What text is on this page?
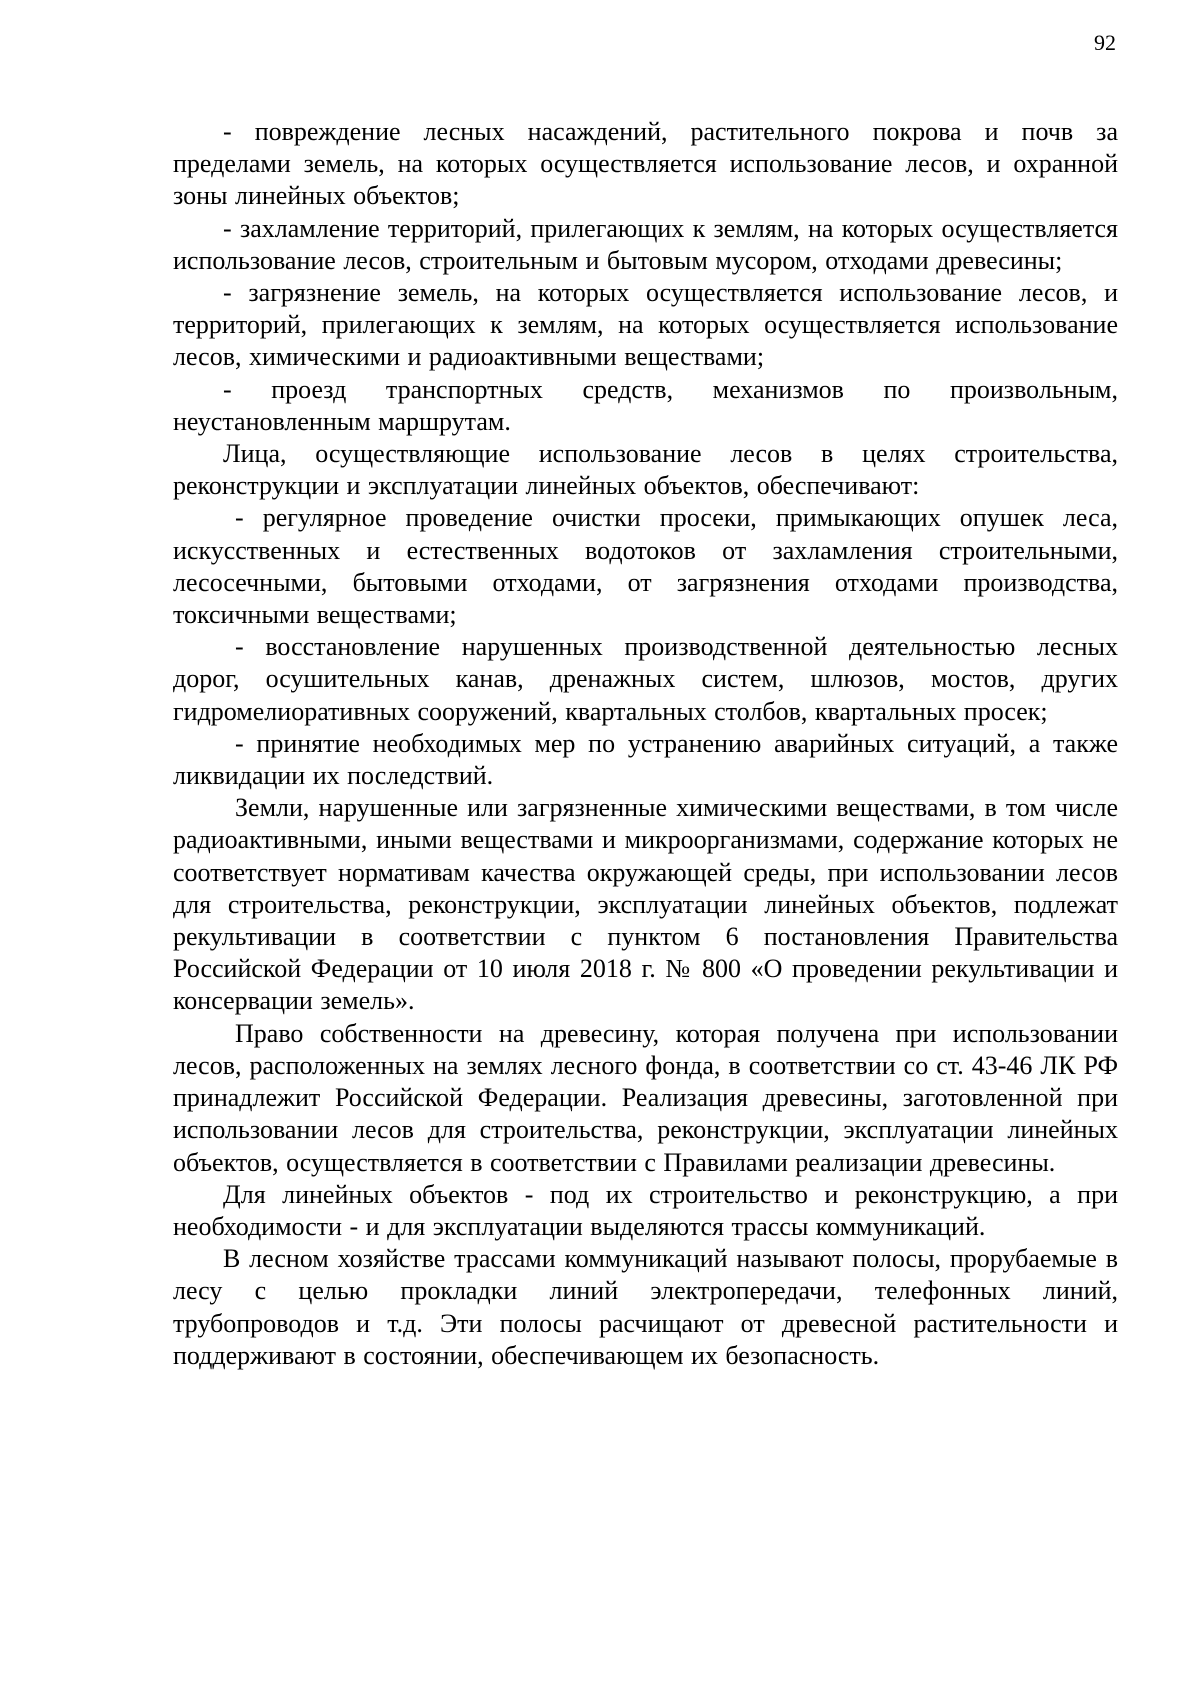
92

- повреждение лесных насаждений, растительного покрова и почв за пределами земель, на которых осуществляется использование лесов, и охранной зоны линейных объектов;

- захламление территорий, прилегающих к землям, на которых осуществляется использование лесов, строительным и бытовым мусором, отходами древесины;

- загрязнение земель, на которых осуществляется использование лесов, и территорий, прилегающих к землям, на которых осуществляется использование лесов, химическими и радиоактивными веществами;

- проезд транспортных средств, механизмов по произвольным, неустановленным маршрутам.

Лица, осуществляющие использование лесов в целях строительства, реконструкции и эксплуатации линейных объектов, обеспечивают:

- регулярное проведение очистки просеки, примыкающих опушек леса, искусственных и естественных водотоков от захламления строительными, лесосечными, бытовыми отходами, от загрязнения отходами производства, токсичными веществами;

- восстановление нарушенных производственной деятельностью лесных дорог, осушительных канав, дренажных систем, шлюзов, мостов, других гидромелиоративных сооружений, квартальных столбов, квартальных просек;

- принятие необходимых мер по устранению аварийных ситуаций, а также ликвидации их последствий.

Земли, нарушенные или загрязненные химическими веществами, в том числе радиоактивными, иными веществами и микроорганизмами, содержание которых не соответствует нормативам качества окружающей среды, при использовании лесов для строительства, реконструкции, эксплуатации линейных объектов, подлежат рекультивации в соответствии с пунктом 6 постановления Правительства Российской Федерации от 10 июля 2018 г. № 800 «О проведении рекультивации и консервации земель».

Право собственности на древесину, которая получена при использовании лесов, расположенных на землях лесного фонда, в соответствии со ст. 43-46 ЛК РФ принадлежит Российской Федерации. Реализация древесины, заготовленной при использовании лесов для строительства, реконструкции, эксплуатации линейных объектов, осуществляется в соответствии с Правилами реализации древесины.

Для линейных объектов - под их строительство и реконструкцию, а при необходимости - и для эксплуатации выделяются трассы коммуникаций.

В лесном хозяйстве трассами коммуникаций называют полосы, прорубаемые в лесу с целью прокладки линий электропередачи, телефонных линий, трубопроводов и т.д. Эти полосы расчищают от древесной растительности и поддерживают в состоянии, обеспечивающем их безопасность.
